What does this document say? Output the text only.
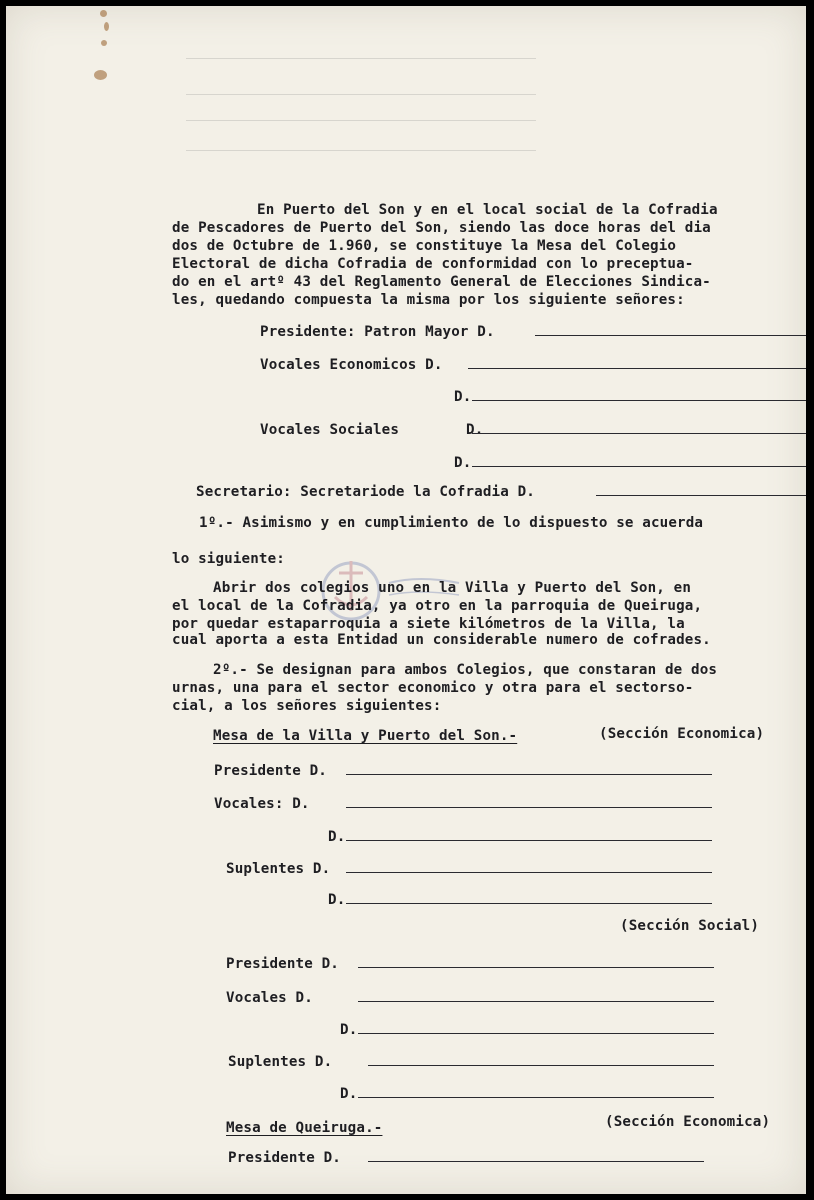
En Puerto del Son y en el local social de la Cofradia
de Pescadores de Puerto del Son, siendo las doce horas del dia
dos de Octubre de 1.960, se constituye la Mesa del Colegio
Electoral de dicha Cofradia de conformidad con lo preceptua-
do en el artº 43 del Reglamento General de Elecciones Sindica-
les, quedando compuesta la misma por los siguiente señores:
Presidente: Patron Mayor D.
Vocales Economicos D.
D.
Vocales Sociales	D.
D.
Secretario: Secretariode la Cofradia D.
1º.- Asimismo y en cumplimiento de lo dispuesto se acuerda
lo siguiente:
Abrir dos colegios uno en la Villa y Puerto del Son, en
el local de la Cofradia, ya otro en la parroquia de Queiruga,
por quedar estaparroquia a siete kilómetros de la Villa, la
cual aporta a esta Entidad un considerable numero de cofrades.
2º.- Se designan para ambos Colegios, que constaran de dos
urnas, una para el sector economico y otra para el sectorso-
cial, a los señores siguientes:
Mesa de la Villa y Puerto del Son.-	(Sección Economica)
Presidente D.
Vocales: D.
D.
Suplentes D.
D.
(Sección Social)
Presidente D.
Vocales D.
D.
Suplentes D.
D.
Mesa de Queiruga.-	(Sección Economica)
Presidente D.
